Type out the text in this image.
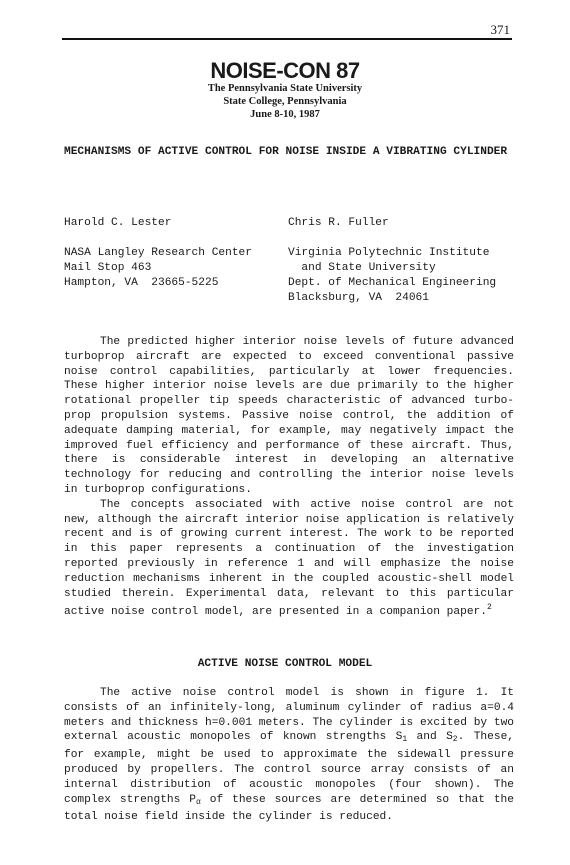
371
NOISE-CON 87
The Pennsylvania State University
State College, Pennsylvania
June 8-10, 1987
MECHANISMS OF ACTIVE CONTROL FOR NOISE INSIDE A VIBRATING CYLINDER
Harold C. Lester
NASA Langley Research Center
Mail Stop 463
Hampton, VA  23665-5225
Chris R. Fuller
Virginia Polytechnic Institute
and State University
Dept. of Mechanical Engineering
Blacksburg, VA  24061

The predicted higher interior noise levels of future advanced turboprop aircraft are expected to exceed conventional passive noise control capabilities, particularly at lower frequencies. These higher interior noise levels are due primarily to the higher rotational propeller tip speeds characteristic of advanced turbo-prop propulsion systems. Passive noise control, the addition of adequate damping material, for example, may negatively impact the improved fuel efficiency and performance of these aircraft. Thus, there is considerable interest in developing an alternative technology for reducing and controlling the interior noise levels in turboprop configurations.

The concepts associated with active noise control are not new, although the aircraft interior noise application is relatively recent and is of growing current interest. The work to be reported in this paper represents a continuation of the investigation reported previously in reference 1 and will emphasize the noise reduction mechanisms inherent in the coupled acoustic-shell model studied therein. Experimental data, relevant to this particular active noise control model, are presented in a companion paper.$^2$

ACTIVE NOISE CONTROL MODEL

The active noise control model is shown in figure 1. It consists of an infinitely-long, aluminum cylinder of radius a=0.4 meters and thickness h=0.001 meters. The cylinder is excited by two external acoustic monopoles of known strengths $S_1$ and $S_2$. These, for example, might be used to approximate the sidewall pressure produced by propellers. The control source array consists of an internal distribution of acoustic monopoles (four shown). The complex strengths $P_\alpha$ of these sources are determined so that the total noise field inside the cylinder is reduced.
